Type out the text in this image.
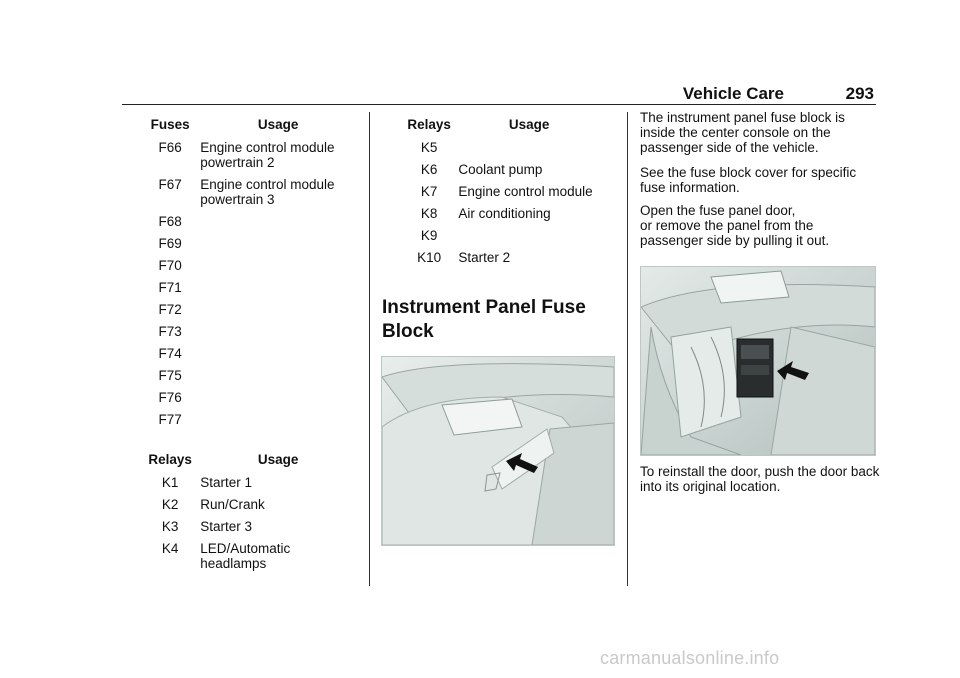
Vehicle Care	293
Fuses	Usage
F66	Engine control module powertrain 2
F67	Engine control module powertrain 3
F68	
F69	
F70	
F71	
F72	
F73	
F74	
F75	
F76	
F77	
Relays	Usage
K1	Starter 1
K2	Run/Crank
K3	Starter 3
K4	LED/Automatic headlamps
Relays	Usage
K5	
K6	Coolant pump
K7	Engine control module
K8	Air conditioning
K9	
K10	Starter 2
Instrument Panel Fuse Block

The instrument panel fuse block is inside the center console on the passenger side of the vehicle.

See the fuse block cover for specific fuse information.

Open the fuse panel door,
or remove the panel from the passenger side by pulling it out.

To reinstall the door, push the door back into its original location.

carmanualsonline.info
